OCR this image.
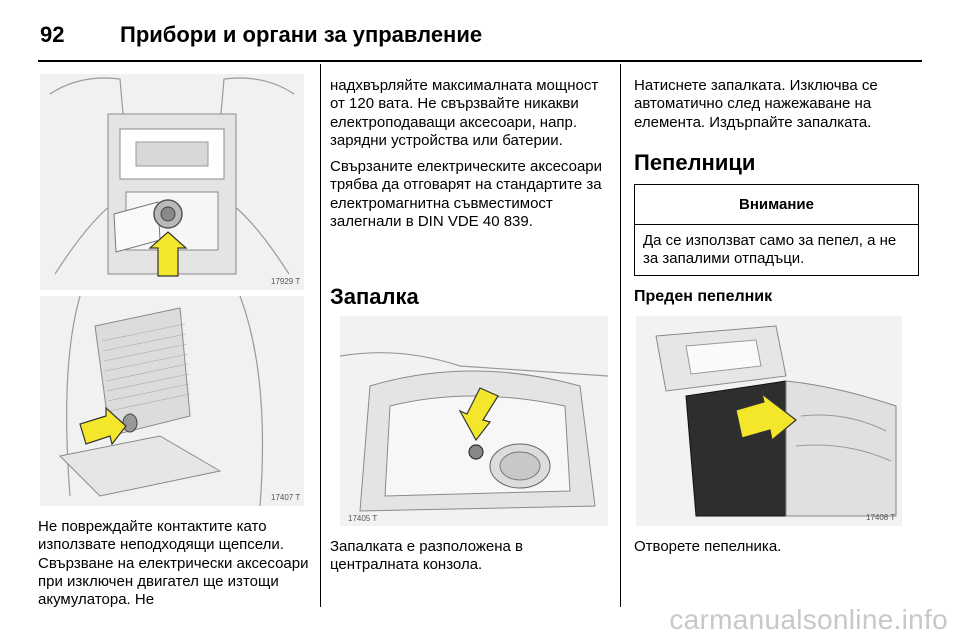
92	Прибори и органи за управление
17929 T
17407 T
Не повреждайте контактите като използвате неподходящи щепсели. Свързване на електрически аксесоари при изключен двигател ще изтощи акумулатора. Не

надхвърляйте максималната мощност от 120 вата. Не свързвайте никакви електроподаващи аксесоари, напр. зарядни устройства или батерии.

Свързаните електрическите аксесоари трябва да отговарят на стандартите за електромагнитна съвместимост залегнали в DIN VDE 40 839.

Запалка
17405 T
Запалката е разположена в централната конзола.
Натиснете запалката. Изключва се автоматично след нажежаване на елемента. Издърпайте запалката.
Пепелници
Внимание
Да се използват само за пепел, а не за запалими отпадъци.
Преден пепелник
17408 T
Отворете пепелника.
carmanualsonline.info
